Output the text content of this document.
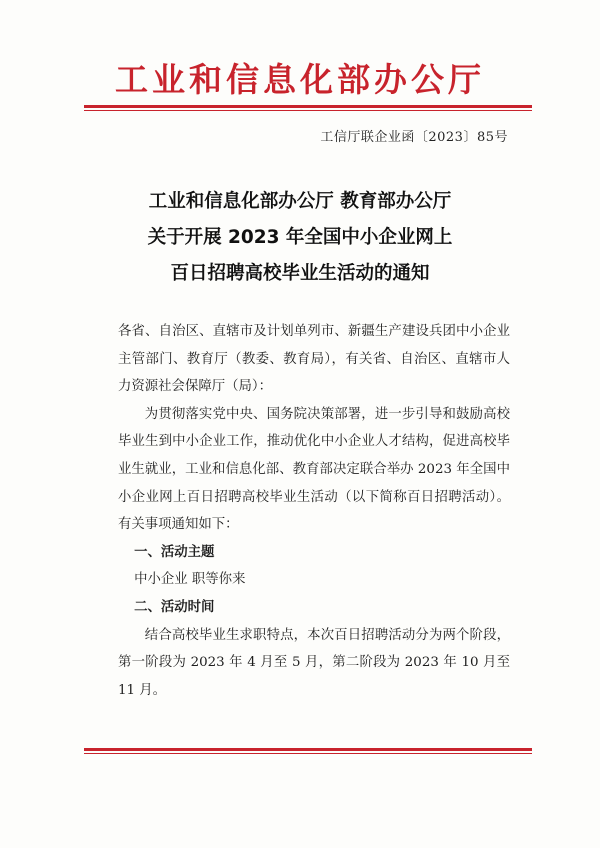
工业和信息化部办公厅
工信厅联企业函〔2023〕85号
工业和信息化部办公厅 教育部办公厅
关于开展 2023 年全国中小企业网上
百日招聘高校毕业生活动的通知

各省、自治区、直辖市及计划单列市、新疆生产建设兵团中小企业主管部门、教育厅（教委、教育局），有关省、自治区、直辖市人力资源社会保障厅（局）：

为贯彻落实党中央、国务院决策部署，进一步引导和鼓励高校毕业生到中小企业工作，推动优化中小企业人才结构，促进高校毕业生就业，工业和信息化部、教育部决定联合举办 2023 年全国中小企业网上百日招聘高校毕业生活动（以下简称百日招聘活动）。有关事项通知如下：

一、活动主题

中小企业 职等你来

二、活动时间

结合高校毕业生求职特点，本次百日招聘活动分为两个阶段，第一阶段为 2023 年 4 月至 5 月，第二阶段为 2023 年 10 月至 11 月。
